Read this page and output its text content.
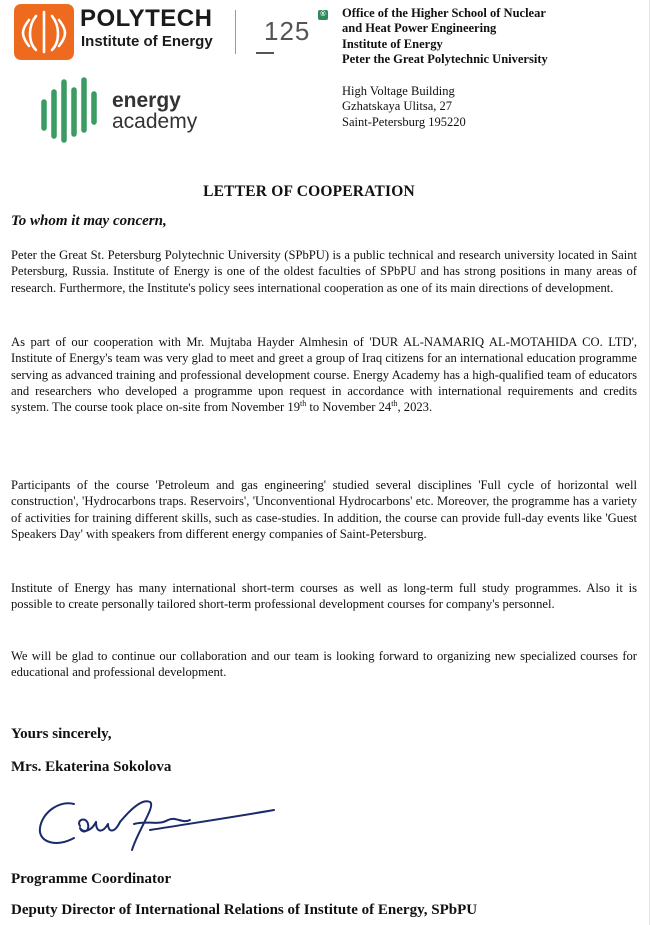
POLYTECH
Institute of Energy 125
®
energy
academy
Office of the Higher School of Nuclear
and Heat Power Engineering
Institute of Energy
Peter the Great Polytechnic University
High Voltage Building
Gzhatskaya Ulitsa, 27
Saint-Petersburg 195220
LETTER OF COOPERATION
To whom it may concern,
Peter the Great St. Petersburg Polytechnic University (SPbPU) is a public technical and research university located in Saint Petersburg, Russia. Institute of Energy is one of the oldest faculties of SPbPU and has strong positions in many areas of research. Furthermore, the Institute's policy sees international cooperation as one of its main directions of development.
As part of our cooperation with Mr. Mujtaba Hayder Almhesin of 'DUR AL-NAMARIQ AL-MOTAHIDA CO. LTD', Institute of Energy's team was very glad to meet and greet a group of Iraq citizens for an international education programme serving as advanced training and professional development course. Energy Academy has a high-qualified team of educators and researchers who developed a programme upon request in accordance with international requirements and credits system. The course took place on-site from November 19th to November 24th, 2023.
Participants of the course 'Petroleum and gas engineering' studied several disciplines 'Full cycle of horizontal well construction', 'Hydrocarbons traps. Reservoirs', 'Unconventional Hydrocarbons' etc. Moreover, the programme has a variety of activities for training different skills, such as case-studies. In addition, the course can provide full-day events like 'Guest Speakers Day' with speakers from different energy companies of Saint-Petersburg.
Institute of Energy has many international short-term courses as well as long-term full study programmes. Also it is possible to create personally tailored short-term professional development courses for company's personnel.
We will be glad to continue our collaboration and our team is looking forward to organizing new specialized courses for educational and professional development.
Yours sincerely,
Mrs. Ekaterina Sokolova
Programme Coordinator
Deputy Director of International Relations of Institute of Energy, SPbPU
